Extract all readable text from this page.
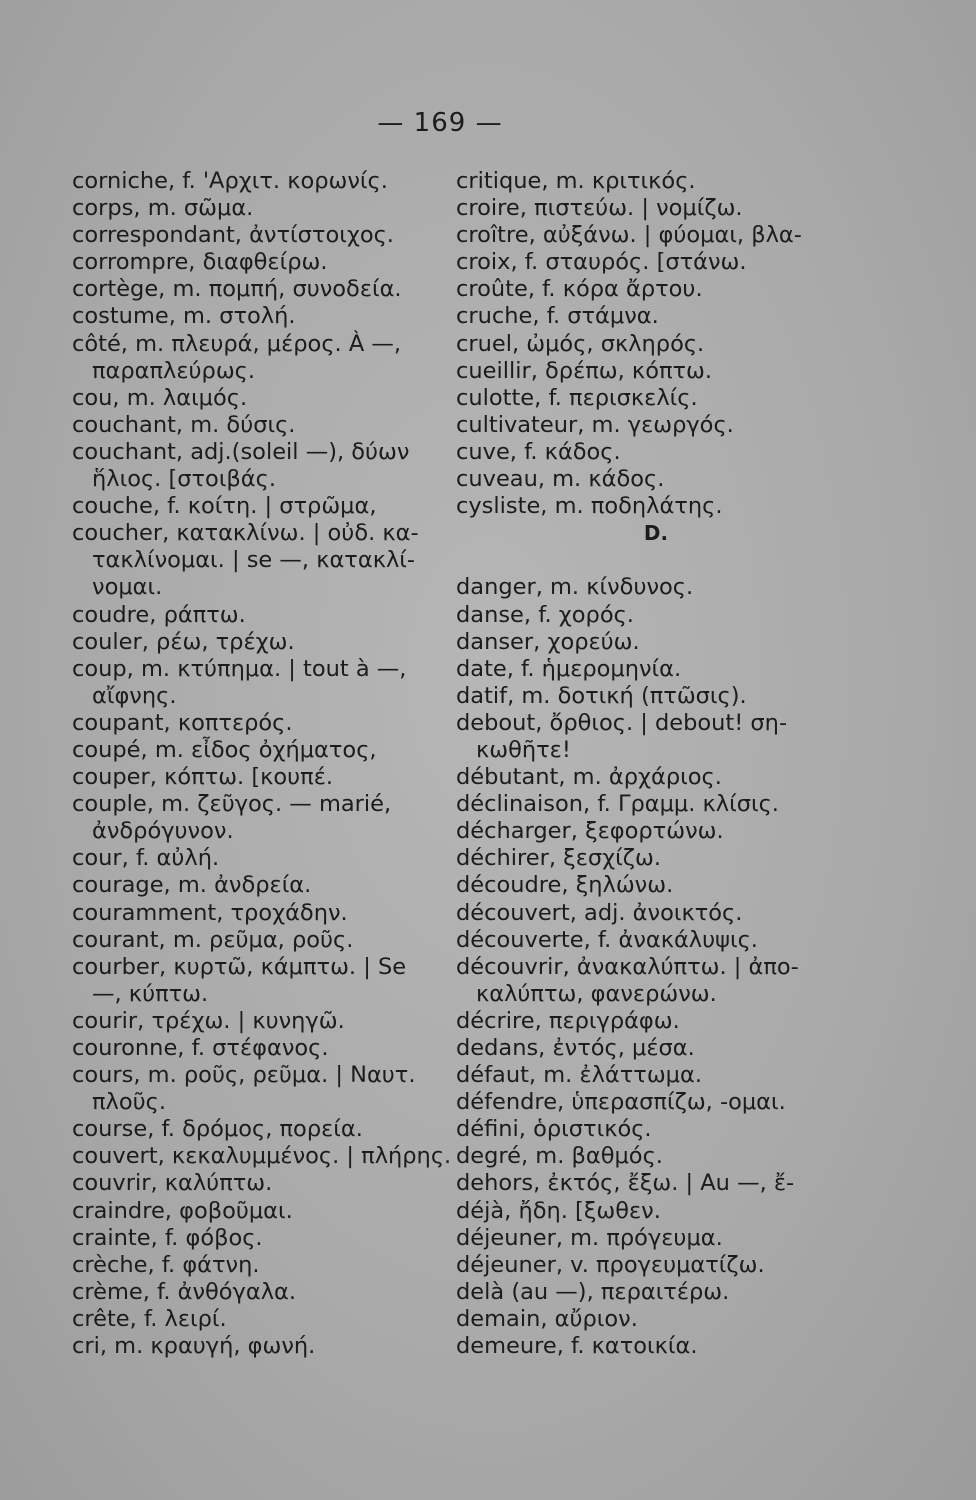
— 169 —
corniche, f. 'Αρχιτ. κορωνίς.
corps, m. σῶμα.
correspondant, ἀντίστοιχος.
corrompre, διαφθείρω.
cortège, m. πομπή, συνοδεία.
costume, m. στολή.
côté, m. πλευρά, μέρος. À —,
παραπλεύρως.
cou, m. λαιμός.
couchant, m. δύσις.
couchant, adj.(soleil —), δύων
ἥλιος. [στοιβάς.
couche, f. κοίτη. | στρῶμα,
coucher, κατακλίνω. | οὐδ. κα-
τακλίνομαι. | se —, κατακλί-
νομαι.
coudre, ράπτω.
couler, ρέω, τρέχω.
coup, m. κτύπημα. | tout à —,
αἴφνης.
coupant, κοπτερός.
coupé, m. εἶδος ὀχήματος,
couper, κόπτω. [κουπέ.
couple, m. ζεῦγος. — marié,
ἀνδρόγυνον.
cour, f. αὐλή.
courage, m. ἀνδρεία.
couramment, τροχάδην.
courant, m. ρεῦμα, ροῦς.
courber, κυρτῶ, κάμπτω. | Se
—, κύπτω.
courir, τρέχω. | κυνηγῶ.
couronne, f. στέφανος.
cours, m. ροῦς, ρεῦμα. | Ναυτ.
πλοῦς.
course, f. δρόμος, πορεία.
couvert, κεκαλυμμένος. | πλήρης.
couvrir, καλύπτω.
craindre, φοβοῦμαι.
crainte, f. φόβος.
crèche, f. φάτνη.
crème, f. ἀνθόγαλα.
crête, f. λειρί.
cri, m. κραυγή, φωνή.
critique, m. κριτικός.
croire, πιστεύω. | νομίζω.
croître, αὐξάνω. | φύομαι, βλα-
croix, f. σταυρός. [στάνω.
croûte, f. κόρα ἄρτου.
cruche, f. στάμνα.
cruel, ὠμός, σκληρός.
cueillir, δρέπω, κόπτω.
culotte, f. περισκελίς.
cultivateur, m. γεωργός.
cuve, f. κάδος.
cuveau, m. κάδος.
cysliste, m. ποδηλάτης.
D.
danger, m. κίνδυνος.
danse, f. χορός.
danser, χορεύω.
date, f. ἡμερομηνία.
datif, m. δοτική (πτῶσις).
debout, ὄρθιος. | debout! ση-
κωθῆτε!
débutant, m. ἀρχάριος.
déclinaison, f. Γραμμ. κλίσις.
décharger, ξεφορτώνω.
déchirer, ξεσχίζω.
découdre, ξηλώνω.
découvert, adj. ἀνοικτός.
découverte, f. ἀνακάλυψις.
découvrir, ἀνακαλύπτω. | ἀπο-
καλύπτω, φανερώνω.
décrire, περιγράφω.
dedans, ἐντός, μέσα.
défaut, m. ἐλάττωμα.
défendre, ὑπερασπίζω, -ομαι.
défini, ὁριστικός.
degré, m. βαθμός.
dehors, ἐκτός, ἔξω. | Au —, ἔ-
déjà, ἤδη. [ξωθεν.
déjeuner, m. πρόγευμα.
déjeuner, v. προγευματίζω.
delà (au —), περαιτέρω.
demain, αὔριον.
demeure, f. κατοικία.
